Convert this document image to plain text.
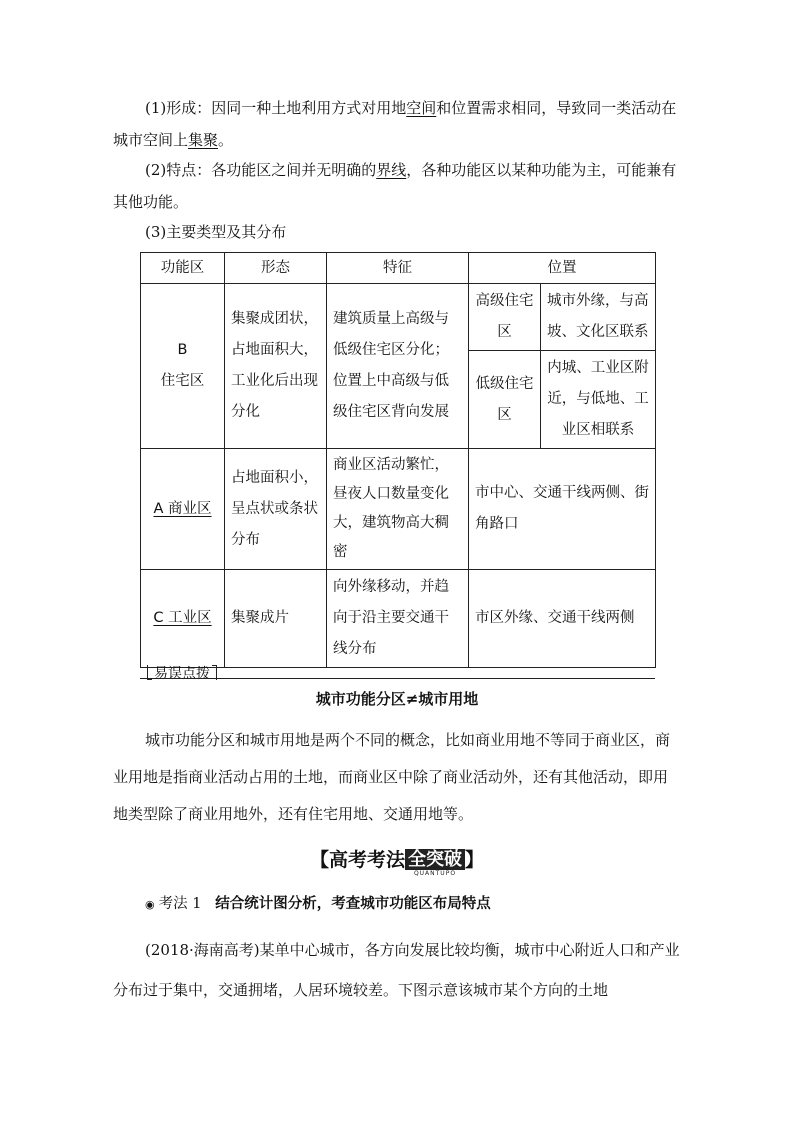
(1)形成：因同一种土地利用方式对用地空间和位置需求相同，导致同一类活动在城市空间上集聚。

(2)特点：各功能区之间并无明确的界线，各种功能区以某种功能为主，可能兼有其他功能。

(3)主要类型及其分布

功能区	形态	特征	位置	
B
住宅区	集聚成团状，占地面积大，工业化后出现分化	建筑质量上高级与低级住宅区分化；位置上中高级与低级住宅区背向发展	高级住宅区	城市外缘，与高坡、文化区联系
			低级住宅区	内城、工业区附近，与低地、工业区相联系
A 商业区	占地面积小，呈点状或条状分布	商业区活动繁忙，昼夜人口数量变化大，建筑物高大稠密	市中心、交通干线两侧、街角路口	
C 工业区	集聚成片	向外缘移动，并趋向于沿主要交通干线分布	市区外缘、交通干线两侧	
易误点拨
城市功能分区≠城市用地

城市功能分区和城市用地是两个不同的概念，比如商业用地不等同于商业区，商业用地是指商业活动占用的土地，而商业区中除了商业活动外，还有其他活动，即用地类型除了商业用地外，还有住宅用地、交通用地等。

【高考考法 全突破
QUANTUPO
】
◉ 考法 1 结合统计图分析，考查城市功能区布局特点

(2018·海南高考)某单中心城市，各方向发展比较均衡，城市中心附近人口和产业分布过于集中，交通拥堵，人居环境较差。下图示意该城市某个方向的土地
